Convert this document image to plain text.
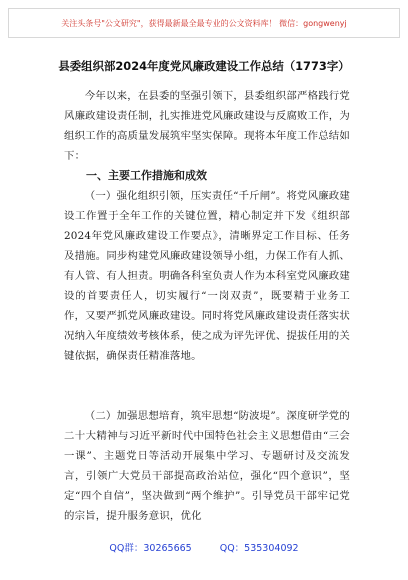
关注头条号"公文研究"，获得最新最全最专业的公文资料库！ 微信：gongwenyj
县委组织部2024年度党风廉政建设工作总结（1773字）

今年以来，在县委的坚强引领下，县委组织部严格践行党风廉政建设责任制，扎实推进党风廉政建设与反腐败工作，为组织工作的高质量发展筑牢坚实保障。现将本年度工作总结如下：

一、主要工作措施和成效

（一）强化组织引领，压实责任“千斤闸”。将党风廉政建设工作置于全年工作的关键位置，精心制定并下发《组织部2024年党风廉政建设工作要点》，清晰界定工作目标、任务及措施。同步构建党风廉政建设领导小组，力保工作有人抓、有人管、有人担责。明确各科室负责人作为本科室党风廉政建设的首要责任人，切实履行“一岗双责”，既要精于业务工作，又要严抓党风廉政建设。同时将党风廉政建设责任落实状况纳入年度绩效考核体系，使之成为评先评优、提拔任用的关键依据，确保责任精准落地。

（二）加强思想培育，筑牢思想“防波堤”。深度研学党的二十大精神与习近平新时代中国特色社会主义思想借由“三会一课”、主题党日等活动开展集中学习、专题研讨及交流发言，引领广大党员干部提高政治站位，强化“四个意识”，坚定“四个自信”，坚决做到“两个维护”。引导党员干部牢记党的宗旨，提升服务意识，优化

QQ群：30265665	QQ：535304092
